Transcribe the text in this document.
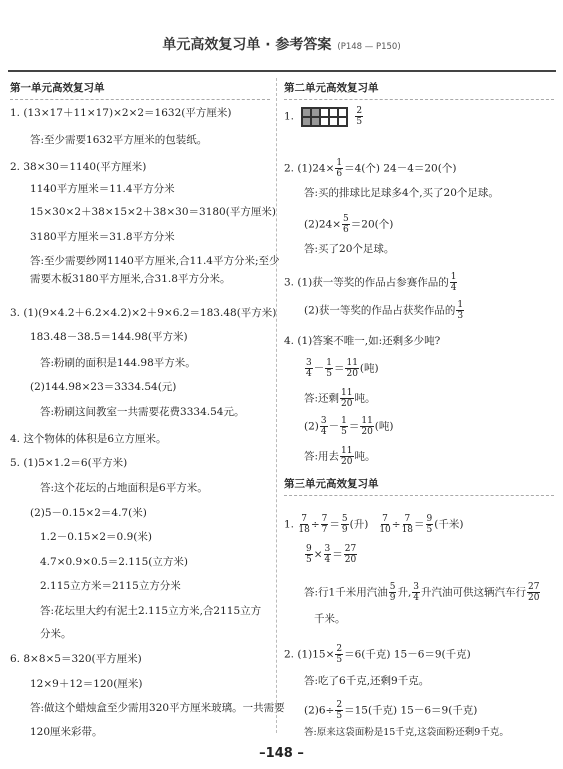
单元高效复习单 · 参考答案 (P148 — P150)
第一单元高效复习单
1. (13×17＋11×17)×2×2＝1632(平方厘米)
答:至少需要1632平方厘米的包装纸。
2. 38×30＝1140(平方厘米)
1140平方厘米＝11.4平方分米
15×30×2＋38×15×2＋38×30＝3180(平方厘米)
3180平方厘米＝31.8平方分米
答:至少需要纱网1140平方厘米,合11.4平方分米;至少
需要木板3180平方厘米,合31.8平方分米。
3. (1)(9×4.2＋6.2×4.2)×2＋9×6.2＝183.48(平方米)
183.48－38.5＝144.98(平方米)
答:粉刷的面积是144.98平方米。
(2)144.98×23＝3334.54(元)
答:粉刷这间教室一共需要花费3334.54元。
4. 这个物体的体积是6立方厘米。
5. (1)5×1.2＝6(平方米)
答:这个花坛的占地面积是6平方米。
(2)5－0.15×2＝4.7(米)
1.2－0.15×2＝0.9(米)
4.7×0.9×0.5＝2.115(立方米)
2.115立方米＝2115立方分米
答:花坛里大约有泥土2.115立方米,合2115立方
分米。
6. 8×8×5＝320(平方厘米)
12×9＋12＝120(厘米)
答:做这个蜡烛盒至少需用320平方厘米玻璃。一共需要
120厘米彩带。
第二单元高效复习单
1.
	$\frac{2}{5}$
2. $(1)24\times \frac{1}{6} =4$(个) 24－4＝20(个)
答:买的排球比足球多4个,买了20个足球。
$(2)24\times \frac{5}{6} =20$(个)
答:买了20个足球。
3. (1)获一等奖的作品占参赛作品的 $\frac{1}{4}$
(2)获一等奖的作品占获奖作品的 $\frac{1}{3}$
4. (1)答案不唯一,如:还剩多少吨?
$\frac{3}{4} - \frac{1}{5} = \frac{11}{20}$ (吨)
答:还剩 $\frac{11}{20}$ 吨。
$(2) \frac{3}{4} - \frac{1}{5} = \frac{11}{20}$ (吨)
答:用去 $\frac{11}{20}$ 吨。
第三单元高效复习单
1. $\frac{7}{18} \div \frac{7}{7} = \frac{5}{9}$ (升) $\frac{7}{10} \div \frac{7}{18} = \frac{9}{5}$ (千米)
$\frac{9}{5} \times \frac{3}{4} = \frac{27}{20}$
答:行1千米用汽油 $\frac{5}{9}$ 升, $\frac{3}{4}$ 升汽油可供这辆汽车行 $\frac{27}{20}$
千米。
2. $(1)15\times \frac{2}{5} =6$(千克) 15－6＝9(千克)
答:吃了6千克,还剩9千克。
$(2)6\div \frac{2}{5} =15$(千克) 15－6＝9(千克)
答:原来这袋面粉是15千克,这袋面粉还剩9千克。
–148 –
